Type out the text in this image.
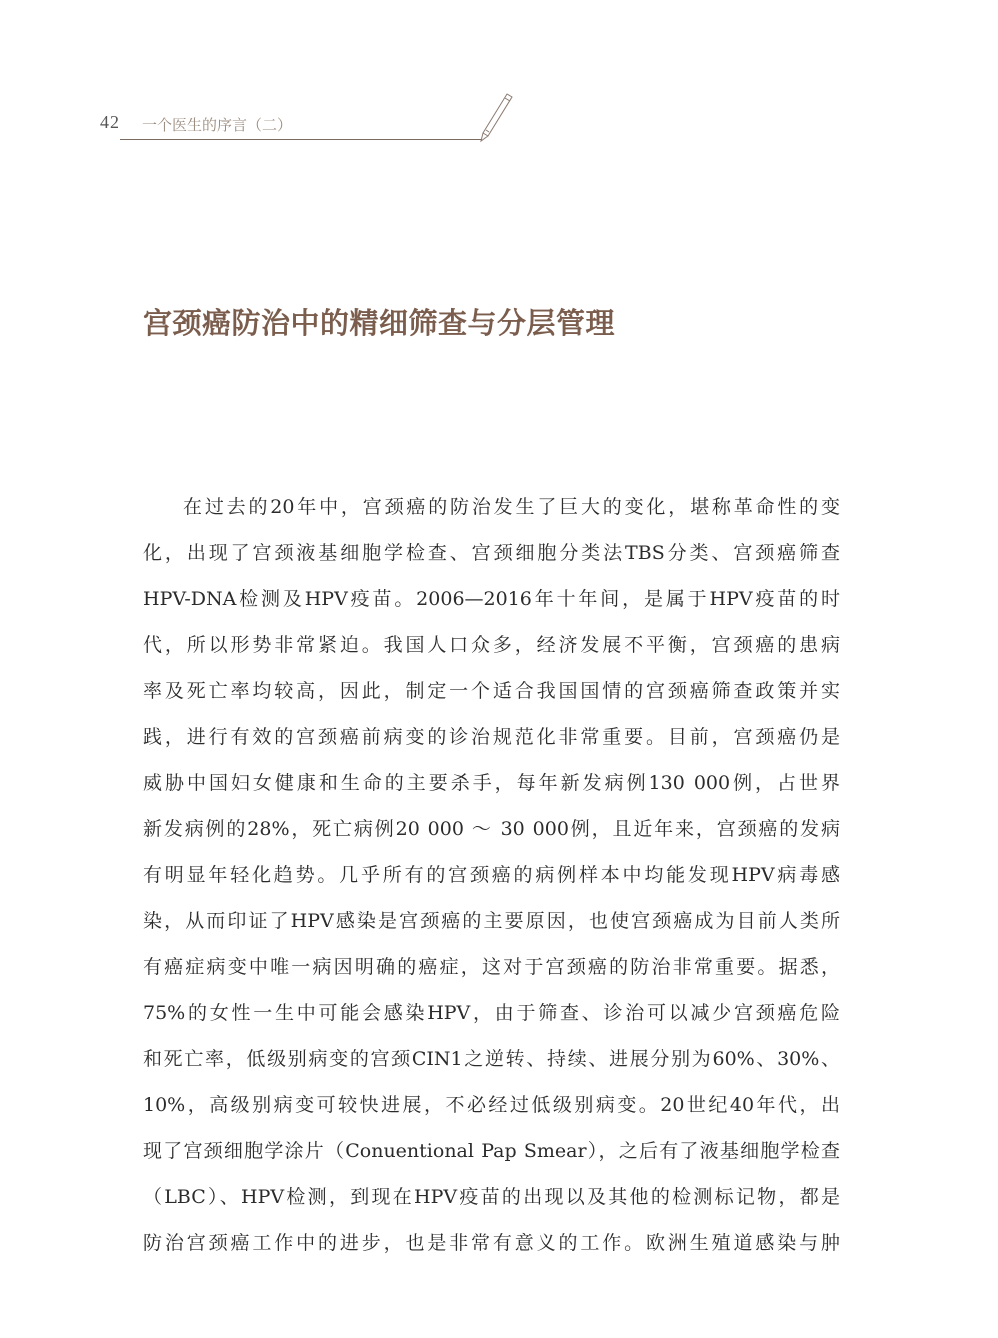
42 一个医生的序言（二）
宫颈癌防治中的精细筛查与分层管理
在过去的20年中，宫颈癌的防治发生了巨大的变化，堪称革命性的变
化，出现了宫颈液基细胞学检查、宫颈细胞分类法TBS分类、宫颈癌筛查
HPV-DNA检测及HPV疫苗。2006—2016年十年间，是属于HPV疫苗的时
代，所以形势非常紧迫。我国人口众多，经济发展不平衡，宫颈癌的患病
率及死亡率均较高，因此，制定一个适合我国国情的宫颈癌筛查政策并实
践，进行有效的宫颈癌前病变的诊治规范化非常重要。目前，宫颈癌仍是
威胁中国妇女健康和生命的主要杀手，每年新发病例130 000例，占世界
新发病例的28%，死亡病例20 000 ～ 30 000例，且近年来，宫颈癌的发病
有明显年轻化趋势。几乎所有的宫颈癌的病例样本中均能发现HPV病毒感
染，从而印证了HPV感染是宫颈癌的主要原因，也使宫颈癌成为目前人类所
有癌症病变中唯一病因明确的癌症，这对于宫颈癌的防治非常重要。据悉，
75%的女性一生中可能会感染HPV，由于筛查、诊治可以减少宫颈癌危险
和死亡率，低级别病变的宫颈CIN1之逆转、持续、进展分别为60%、30%、
10%，高级别病变可较快进展，不必经过低级别病变。20世纪40年代，出
现了宫颈细胞学涂片（Conuentional Pap Smear），之后有了液基细胞学检查
（LBC）、HPV检测，到现在HPV疫苗的出现以及其他的检测标记物，都是
防治宫颈癌工作中的进步，也是非常有意义的工作。欧洲生殖道感染与肿
